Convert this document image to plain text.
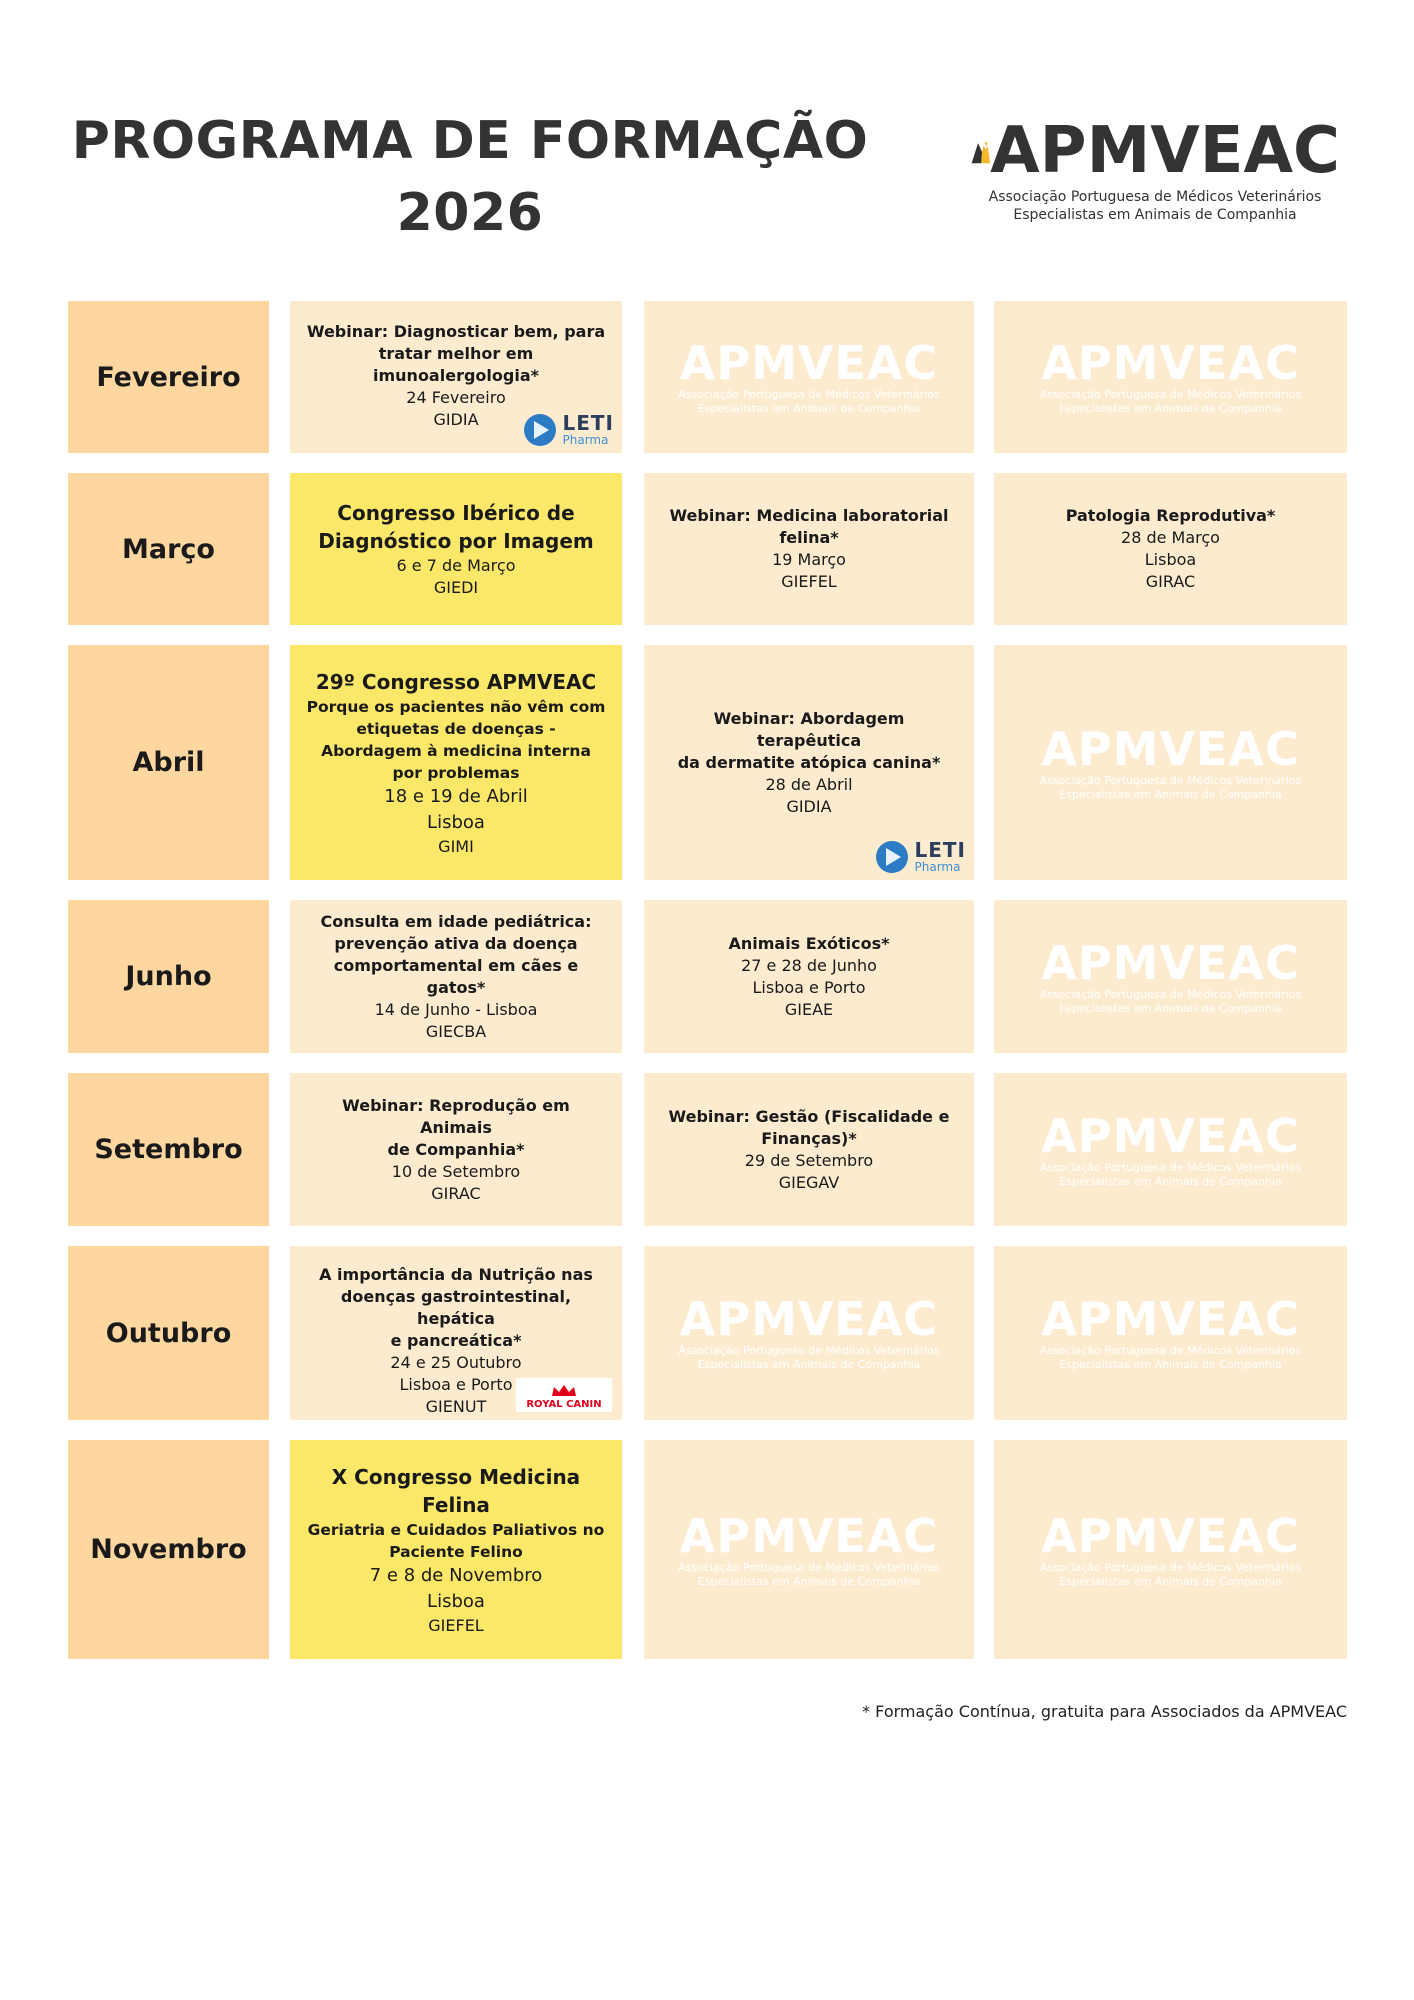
PROGRAMA DE FORMAÇÃO
2026
APMVEAC
Associação Portuguesa de Médicos Veterinários
Especialistas em Animais de Companhia
Fevereiro
Webinar: Diagnosticar bem, para
tratar melhor em
imunoalergologia*
24 Fevereiro
GIDIA	LETI
Pharma
APMVEAC
Associação Portuguesa de Médicos Veterinários
Especialistas em Animais de Companhia
APMVEAC
Associação Portuguesa de Médicos Veterinários
Especialistas em Animais de Companhia
Março
Congresso Ibérico de
Diagnóstico por Imagem
6 e 7 de Março
GIEDI
Webinar: Medicina laboratorial
felina*
19 Março
GIEFEL
Patologia Reprodutiva*
28 de Março
Lisboa
GIRAC
Abril
29º Congresso APMVEAC
Porque os pacientes não vêm com
etiquetas de doenças -
Abordagem à medicina interna
por problemas
18 e 19 de Abril
Lisboa
GIMI
Webinar: Abordagem terapêutica
da dermatite atópica canina*
28 de Abril
GIDIA
LETI
Pharma
APMVEAC
Associação Portuguesa de Médicos Veterinários
Especialistas em Animais de Companhia
Junho
Consulta em idade pediátrica:
prevenção ativa da doença
comportamental em cães e gatos*
14 de Junho - Lisboa
GIECBA
Animais Exóticos*
27 e 28 de Junho
Lisboa e Porto
GIEAE
APMVEAC
Associação Portuguesa de Médicos Veterinários
Especialistas em Animais de Companhia
Setembro
Webinar: Reprodução em Animais
de Companhia*
10 de Setembro
GIRAC
Webinar: Gestão (Fiscalidade e
Finanças)*
29 de Setembro
GIEGAV
APMVEAC
Associação Portuguesa de Médicos Veterinários
Especialistas em Animais de Companhia
Outubro
A importância da Nutrição nas
doenças gastrointestinal, hepática
e pancreática*
24 e 25 Outubro
Lisboa e Porto
GIENUT	ROYAL CANIN
APMVEAC
Associação Portuguesa de Médicos Veterinários
Especialistas em Animais de Companhia
APMVEAC
Associação Portuguesa de Médicos Veterinários
Especialistas em Animais de Companhia
Novembro
X Congresso Medicina
Felina
Geriatria e Cuidados Paliativos no
Paciente Felino
7 e 8 de Novembro
Lisboa
GIEFEL
APMVEAC
Associação Portuguesa de Médicos Veterinários
Especialistas em Animais de Companhia
APMVEAC
Associação Portuguesa de Médicos Veterinários
Especialistas em Animais de Companhia
* Formação Contínua, gratuita para Associados da APMVEAC
